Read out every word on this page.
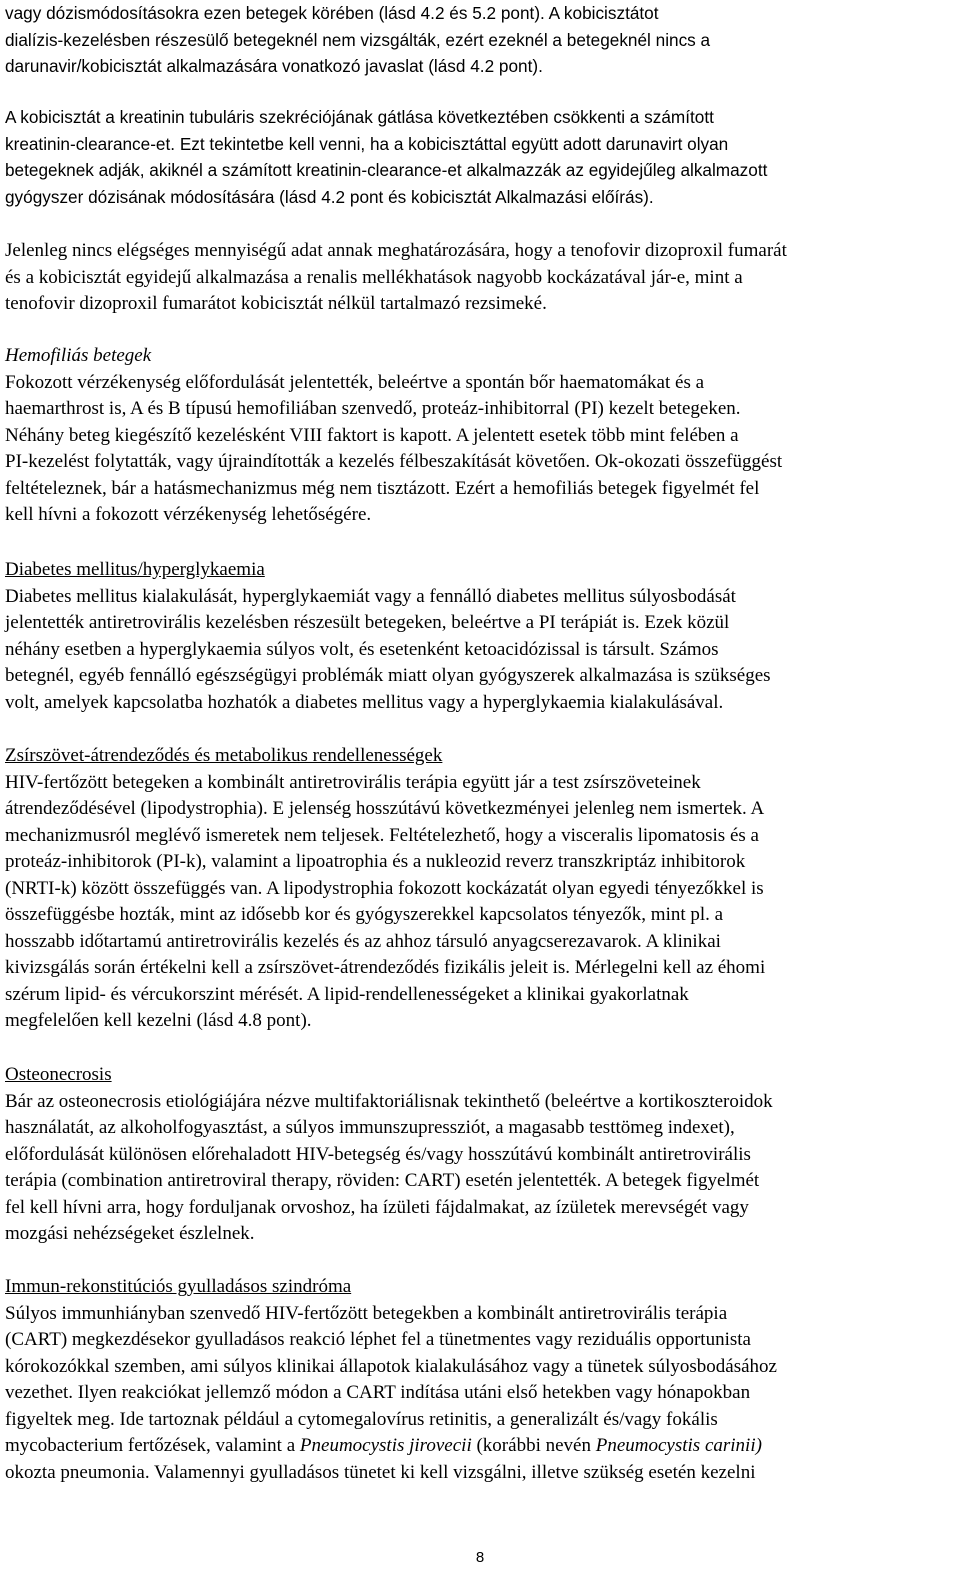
vagy dózismódosításokra ezen betegek körében (lásd 4.2 és 5.2 pont). A kobicisztátot
dialízis-kezelésben részesülő betegeknél nem vizsgálták, ezért ezeknél a betegeknél nincs a
darunavir/kobicisztát alkalmazására vonatkozó javaslat (lásd 4.2 pont).
A kobicisztát a kreatinin tubuláris szekréciójának gátlása következtében csökkenti a számított
kreatinin-clearance-et. Ezt tekintetbe kell venni, ha a kobicisztáttal együtt adott darunavirt olyan
betegeknek adják, akiknél a számított kreatinin-clearance-et alkalmazzák az egyidejűleg alkalmazott
gyógyszer dózisának módosítására (lásd 4.2 pont és kobicisztát Alkalmazási előírás).
Jelenleg nincs elégséges mennyiségű adat annak meghatározására, hogy a tenofovir dizoproxil fumarát
és a kobicisztát egyidejű alkalmazása a renalis mellékhatások nagyobb kockázatával jár-e, mint a
tenofovir dizoproxil fumarátot kobicisztát nélkül tartalmazó rezsimeké.
Hemofiliás betegek
Fokozott vérzékenység előfordulását jelentették, beleértve a spontán bőr haematomákat és a
haemarthrost is, A és B típusú hemofiliában szenvedő, proteáz-inhibitorral (PI) kezelt betegeken.
Néhány beteg kiegészítő kezelésként VIII faktort is kapott. A jelentett esetek több mint felében a
PI-kezelést folytatták, vagy újraindították a kezelés félbeszakítását követően. Ok-okozati összefüggést
feltételeznek, bár a hatásmechanizmus még nem tisztázott. Ezért a hemofiliás betegek figyelmét fel
kell hívni a fokozott vérzékenység lehetőségére.
Diabetes mellitus/hyperglykaemia
Diabetes mellitus kialakulását, hyperglykaemiát vagy a fennálló diabetes mellitus súlyosbodását
jelentették antiretrovirális kezelésben részesült betegeken, beleértve a PI terápiát is. Ezek közül
néhány esetben a hyperglykaemia súlyos volt, és esetenként ketoacidózissal is társult. Számos
betegnél, egyéb fennálló egészségügyi problémák miatt olyan gyógyszerek alkalmazása is szükséges
volt, amelyek kapcsolatba hozhatók a diabetes mellitus vagy a hyperglykaemia kialakulásával.
Zsírszövet-átrendeződés és metabolikus rendellenességek
HIV-fertőzött betegeken a kombinált antiretrovirális terápia együtt jár a test zsírszöveteinek
átrendeződésével (lipodystrophia). E jelenség hosszútávú következményei jelenleg nem ismertek. A
mechanizmusról meglévő ismeretek nem teljesek. Feltételezhető, hogy a visceralis lipomatosis és a
proteáz-inhibitorok (PI-k), valamint a lipoatrophia és a nukleozid reverz transzkriptáz inhibitorok
(NRTI-k) között összefüggés van. A lipodystrophia fokozott kockázatát olyan egyedi tényezőkkel is
összefüggésbe hozták, mint az idősebb kor és gyógyszerekkel kapcsolatos tényezők, mint pl. a
hosszabb időtartamú antiretrovirális kezelés és az ahhoz társuló anyagcserezavarok. A klinikai
kivizsgálás során értékelni kell a zsírszövet-átrendeződés fizikális jeleit is. Mérlegelni kell az éhomi
szérum lipid- és vércukorszint mérését. A lipid-rendellenességeket a klinikai gyakorlatnak
megfelelően kell kezelni (lásd 4.8 pont).
Osteonecrosis
Bár az osteonecrosis etiológiájára nézve multifaktoriálisnak tekinthető (beleértve a kortikoszteroidok
használatát, az alkoholfogyasztást, a súlyos immunszupressziót, a magasabb testtömeg indexet),
előfordulását különösen előrehaladott HIV-betegség és/vagy hosszútávú kombinált antiretrovirális
terápia (combination antiretroviral therapy, röviden: CART) esetén jelentették. A betegek figyelmét
fel kell hívni arra, hogy forduljanak orvoshoz, ha ízületi fájdalmakat, az ízületek merevségét vagy
mozgási nehézségeket észlelnek.
Immun-rekonstitúciós gyulladásos szindróma
Súlyos immunhiányban szenvedő HIV-fertőzött betegekben a kombinált antiretrovirális terápia
(CART) megkezdésekor gyulladásos reakció léphet fel a tünetmentes vagy reziduális opportunista
kórokozókkal szemben, ami súlyos klinikai állapotok kialakulásához vagy a tünetek súlyosbodásához
vezethet. Ilyen reakciókat jellemző módon a CART indítása utáni első hetekben vagy hónapokban
figyeltek meg. Ide tartoznak például a cytomegalovírus retinitis, a generalizált és/vagy fokális
mycobacterium fertőzések, valamint a Pneumocystis jirovecii (korábbi nevén Pneumocystis carinii)
okozta pneumonia. Valamennyi gyulladásos tünetet ki kell vizsgálni, illetve szükség esetén kezelni
8
